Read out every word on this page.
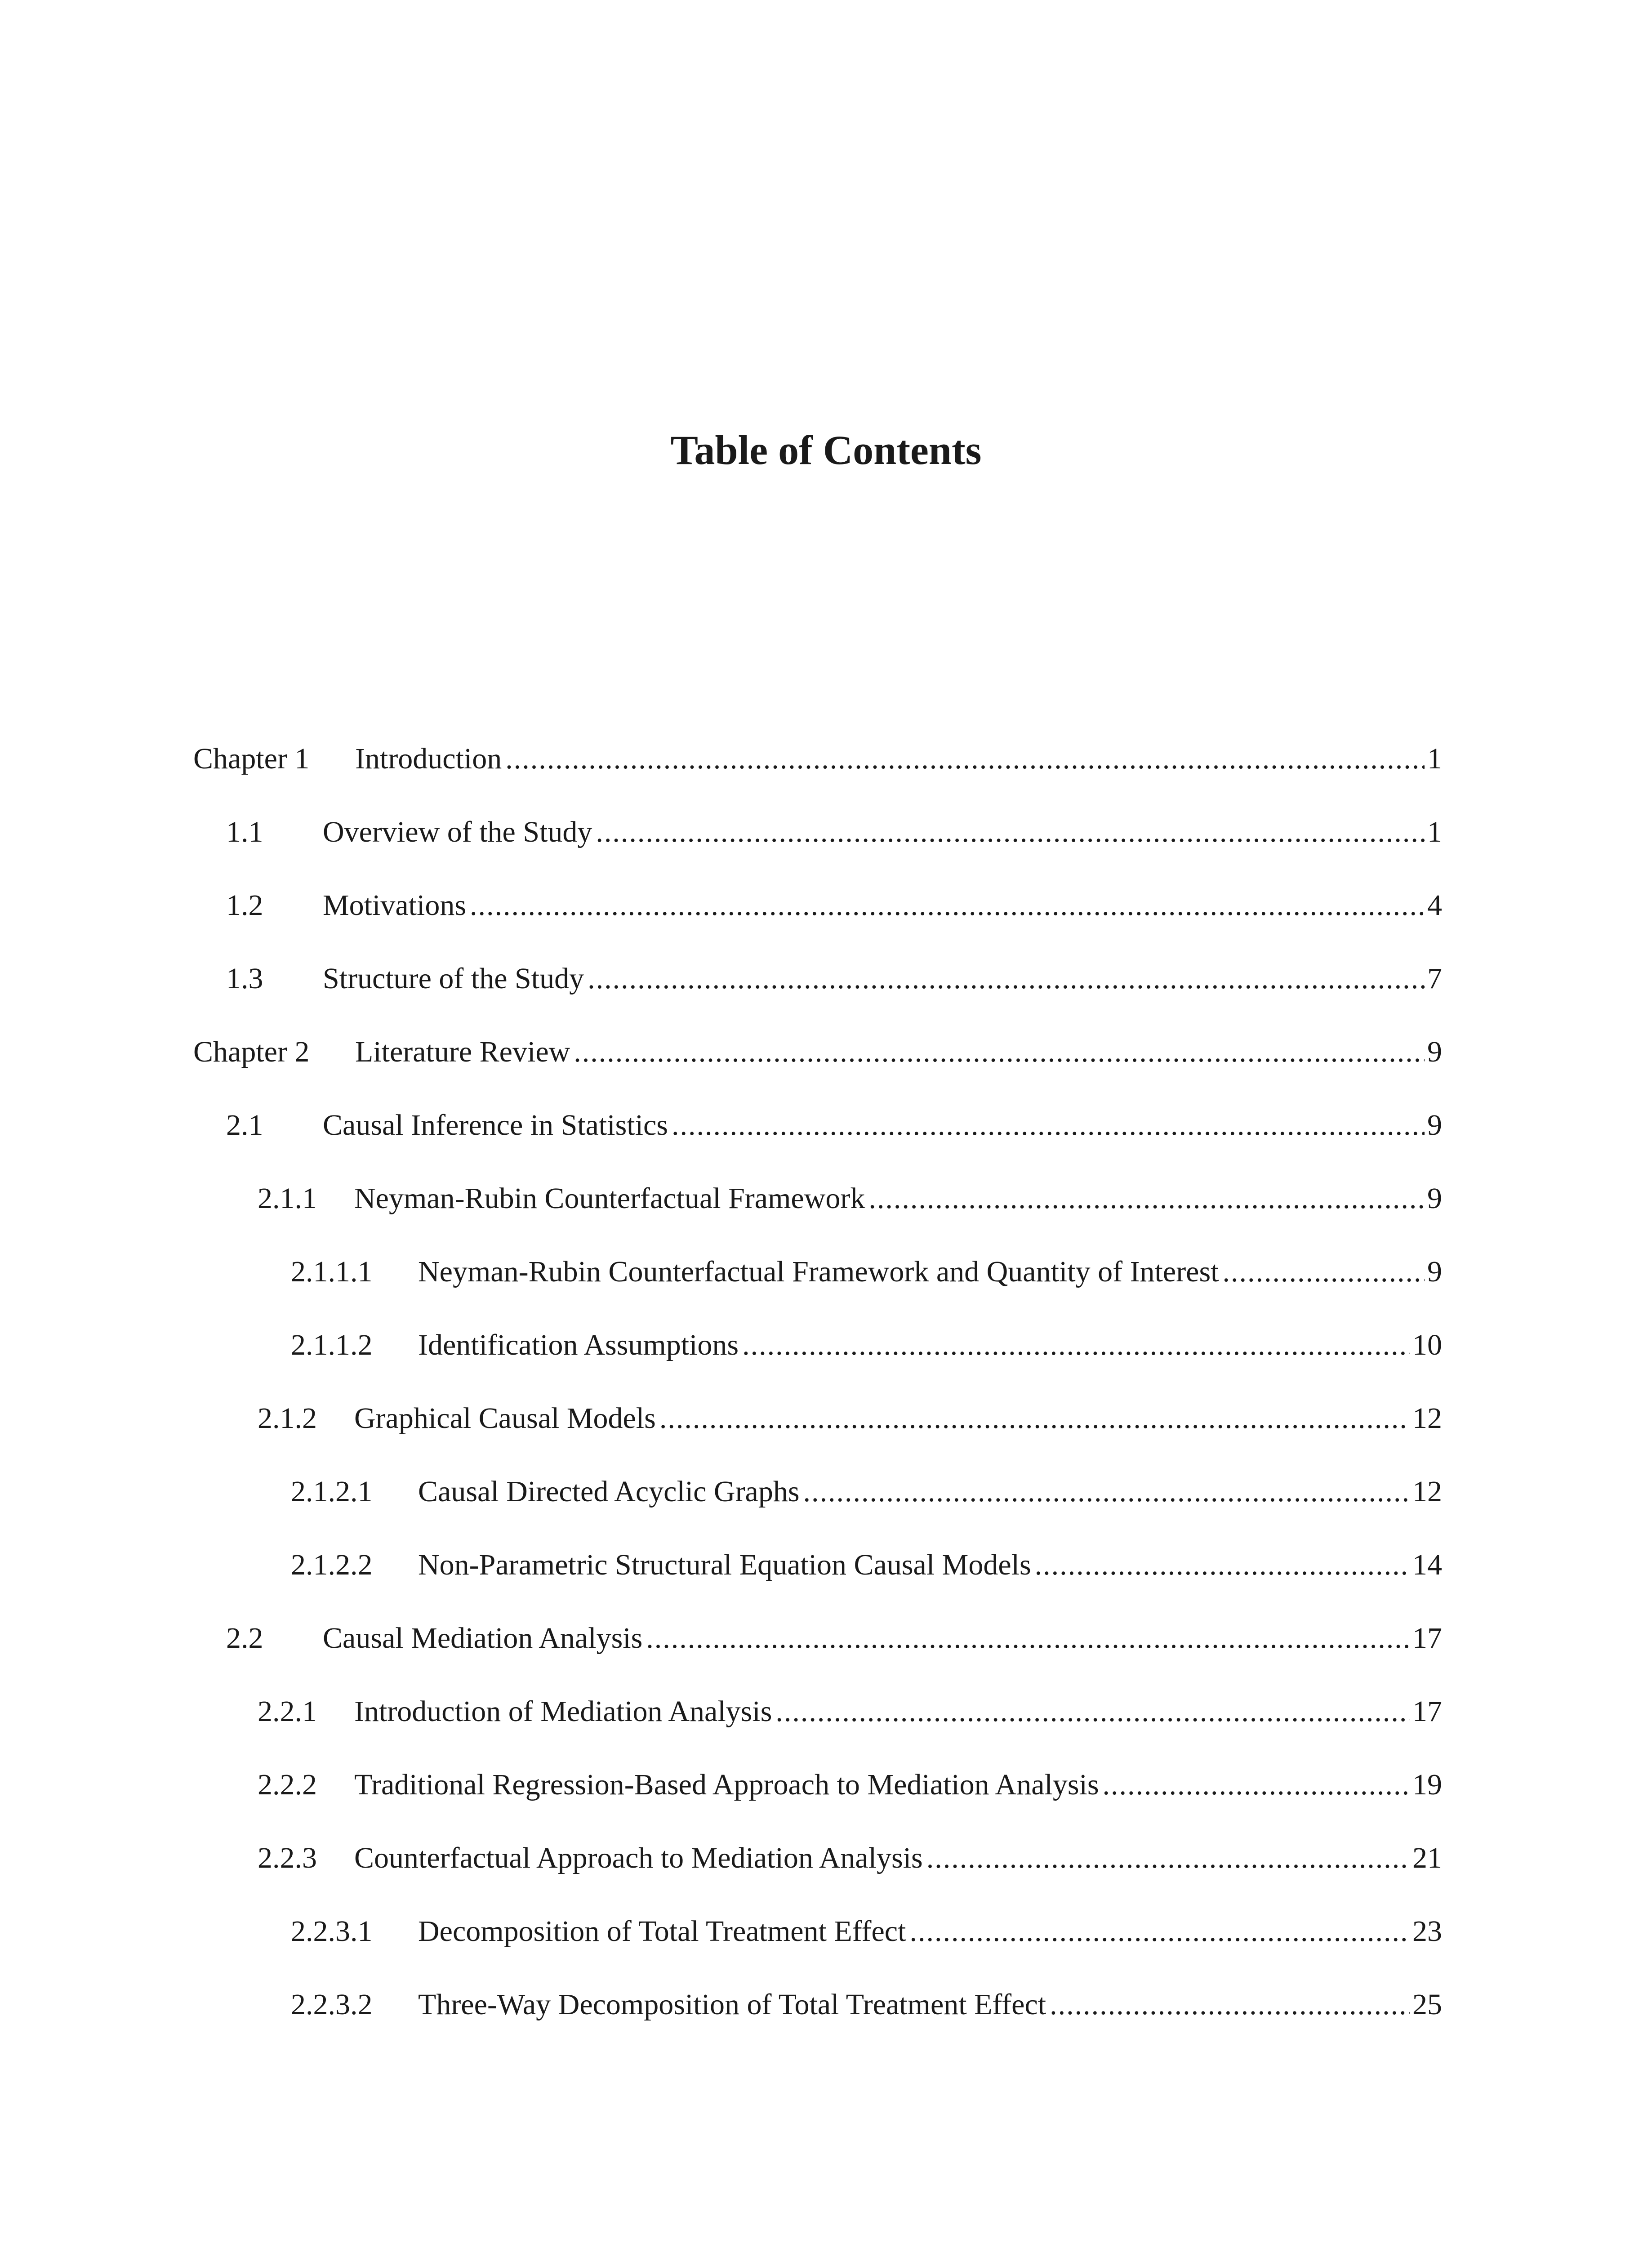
Table of Contents
Chapter 1	Introduction .....	1
1.1	Overview of the Study .....	1
1.2	Motivations .....	4
1.3	Structure of the Study .....	7
Chapter 2	Literature Review .....	9
2.1	Causal Inference in Statistics .....	9
2.1.1	Neyman-Rubin Counterfactual Framework .....	9
2.1.1.1	Neyman-Rubin Counterfactual Framework and Quantity of Interest .....	9
2.1.1.2	Identification Assumptions .....	10
2.1.2	Graphical Causal Models .....	12
2.1.2.1	Causal Directed Acyclic Graphs .....	12
2.1.2.2	Non-Parametric Structural Equation Causal Models .....	14
2.2	Causal Mediation Analysis .....	17
2.2.1	Introduction of Mediation Analysis .....	17
2.2.2	Traditional Regression-Based Approach to Mediation Analysis .....	19
2.2.3	Counterfactual Approach to Mediation Analysis .....	21
2.2.3.1	Decomposition of Total Treatment Effect .....	23
2.2.3.2	Three-Way Decomposition of Total Treatment Effect .....	25
